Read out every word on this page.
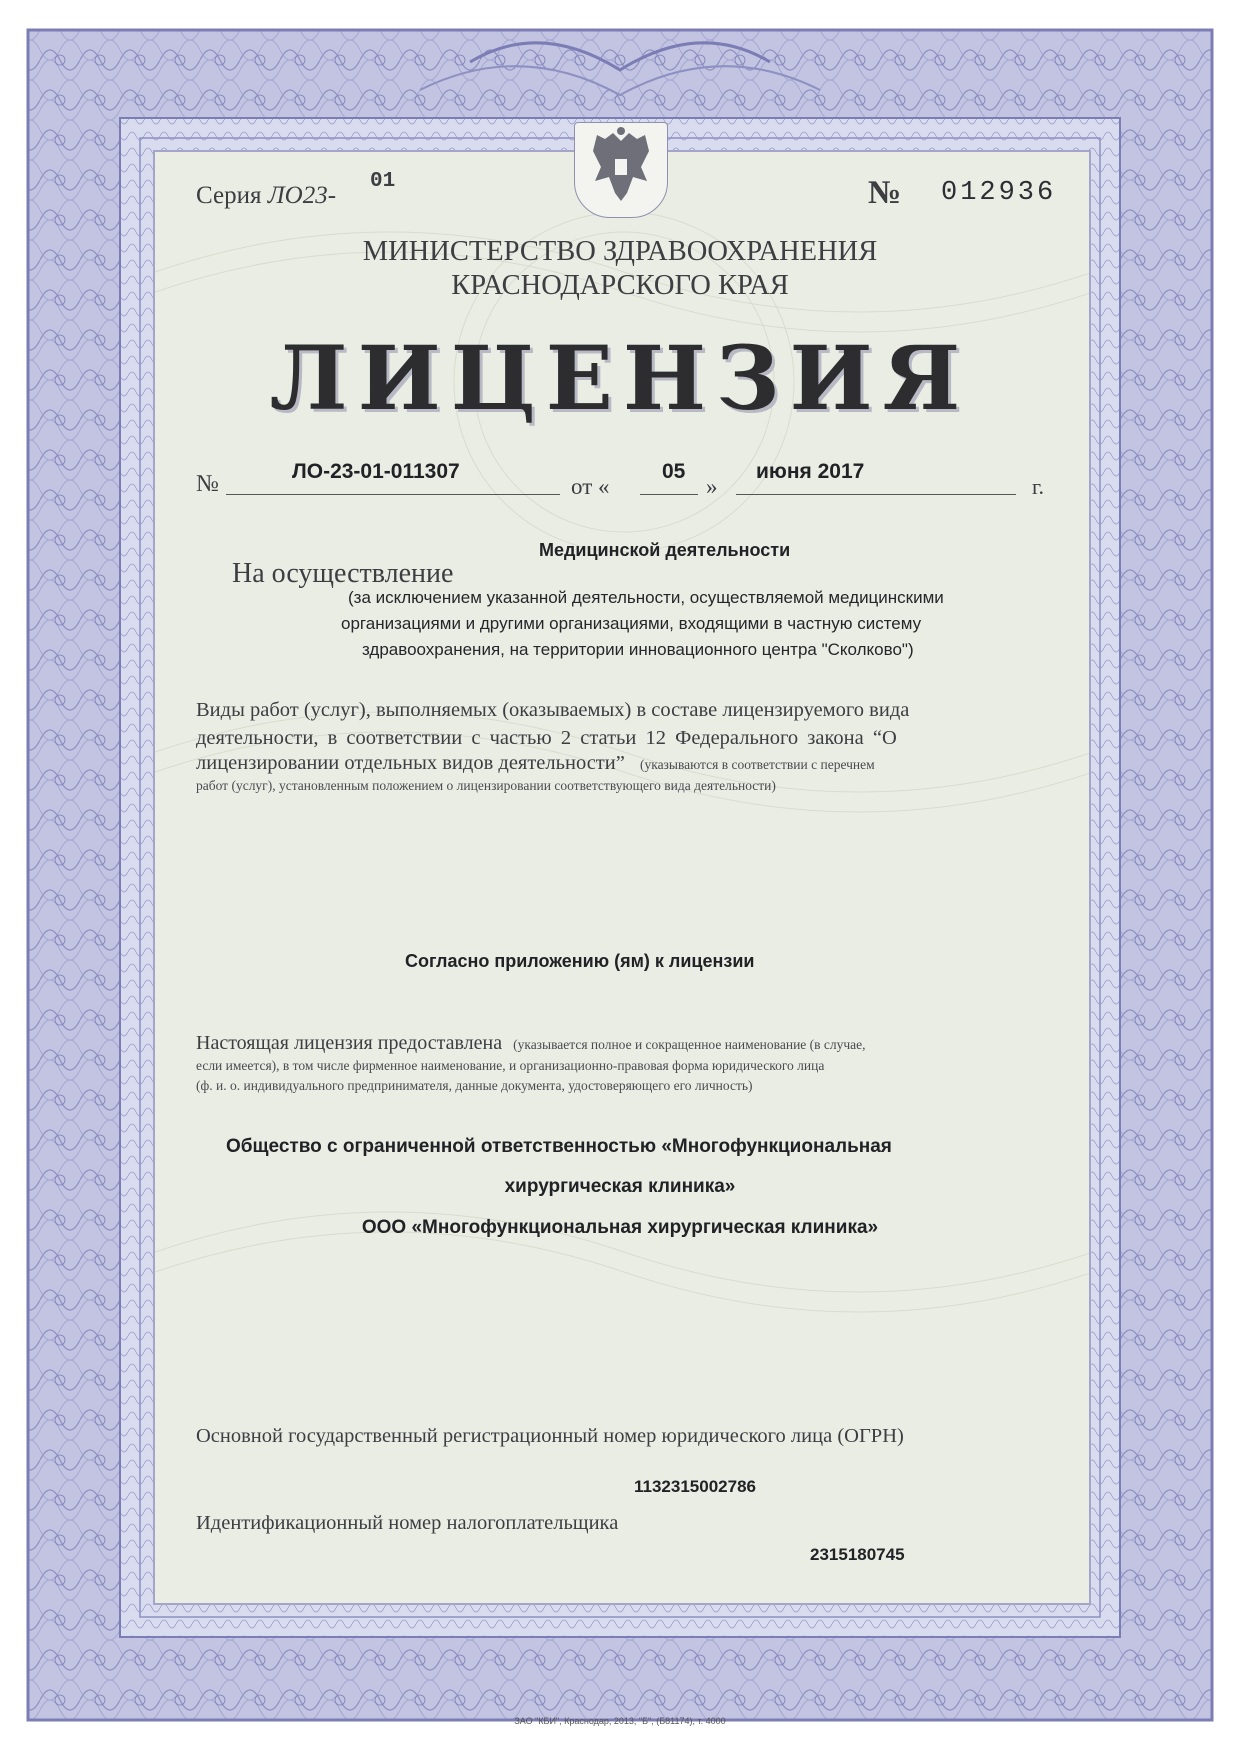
Серия ЛО23-
01	№ 012936
МИНИСТЕРСТВО ЗДРАВООХРАНЕНИЯ
КРАСНОДАРСКОГО КРАЯ
ЛИЦЕНЗИЯ
№	ЛО-23-01-011307
от «
05
»
июня 2017
г.
Медицинской деятельности
На осуществление
(за исключением указанной деятельности, осуществляемой медицинскими
организациями и другими организациями, входящими в частную систему
здравоохранения, на территории инновационного центра "Сколково")
Виды работ (услуг), выполняемых (оказываемых) в составе лицензируемого вида
деятельности, в соответствии с частью 2 статьи 12 Федерального закона “О
лицензировании отдельных видов деятельности” (указываются в соответствии с перечнем
работ (услуг), установленным положением о лицензировании соответствующего вида деятельности)
Согласно приложению (ям) к лицензии
Настоящая лицензия предоставлена (указывается полное и сокращенное наименование (в случае,
если имеется), в том числе фирменное наименование, и организационно-правовая форма юридического лица
(ф. и. о. индивидуального предпринимателя, данные документа, удостоверяющего его личность)
Общество с ограниченной ответственностью «Многофункциональная
хирургическая клиника»
ООО «Многофункциональная хирургическая клиника»
Основной государственный регистрационный номер юридического лица (ОГРН)
1132315002786
Идентификационный номер налогоплательщика
2315180745
ЗАО "КБИ", Краснодар, 2013, "Б", (Б81174), т. 4000
